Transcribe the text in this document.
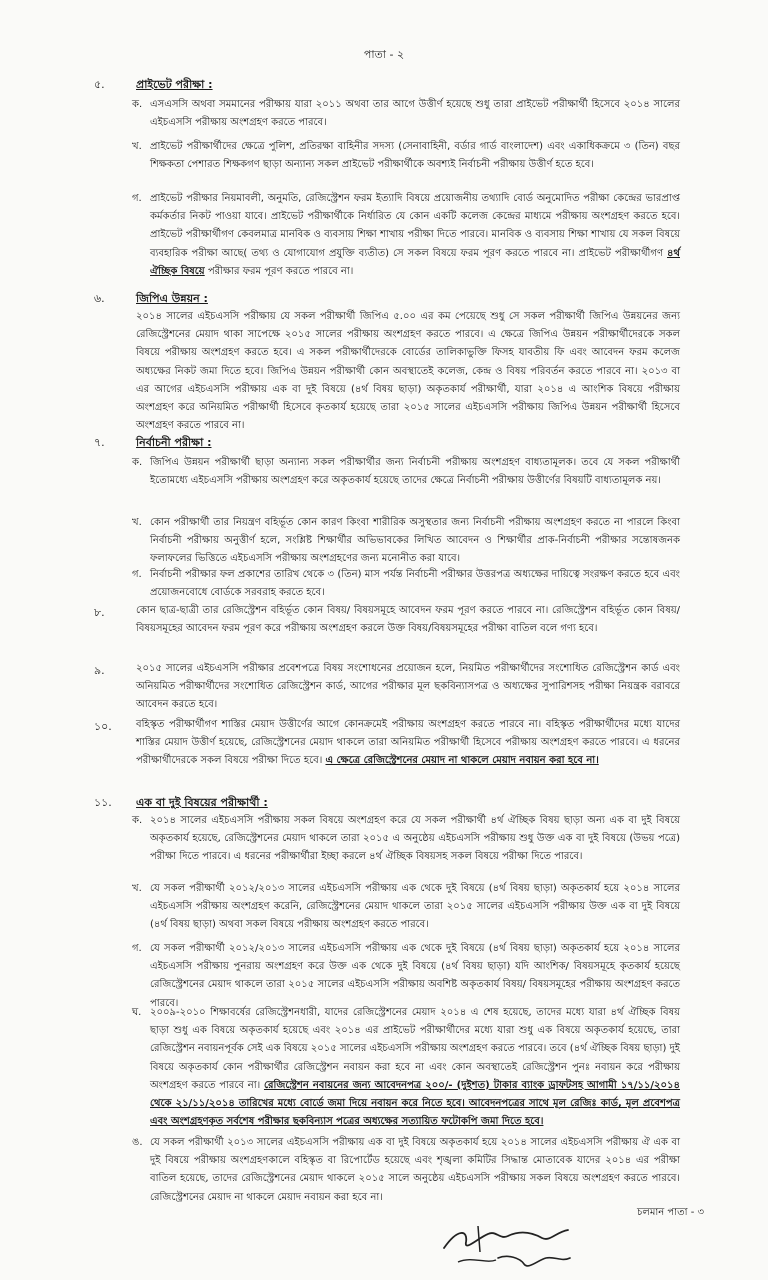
পাতা - ২
৫.	প্রাইভেট পরীক্ষা :
ক. এসএসসি অথবা সমমানের পরীক্ষায় যারা ২০১১ অথবা তার আগে উত্তীর্ণ হয়েছে শুধু তারা প্রাইভেট পরীক্ষার্থী হিসেবে ২০১৪ সালের এইচএসসি পরীক্ষায় অংশগ্রহণ করতে পারবে।
খ. প্রাইভেট পরীক্ষার্থীদের ক্ষেত্রে পুলিশ, প্রতিরক্ষা বাহিনীর সদস্য (সেনাবাহিনী, বর্ডার গার্ড বাংলাদেশ) এবং একাধিকক্রমে ৩ (তিন) বছর শিক্ষকতা পেশারত শিক্ষকগণ ছাড়া অন্যান্য সকল প্রাইভেট পরীক্ষার্থীকে অবশ্যই নির্বাচনী পরীক্ষায় উত্তীর্ণ হতে হবে।
গ. প্রাইভেট পরীক্ষার নিয়মাবলী, অনুমতি, রেজিস্ট্রেশন ফরম ইত্যাদি বিষয়ে প্রয়োজনীয় তথ্যাদি বোর্ড অনুমোদিত পরীক্ষা কেন্দ্রের ভারপ্রাপ্ত কর্মকর্তার নিকট পাওয়া যাবে। প্রাইভেট পরীক্ষার্থীকে নির্ধারিত যে কোন একটি কলেজ কেন্দ্রের মাধ্যমে পরীক্ষায় অংশগ্রহণ করতে হবে। প্রাইভেট পরীক্ষার্থীগণ কেবলমাত্র মানবিক ও ব্যবসায় শিক্ষা শাখায় পরীক্ষা দিতে পারবে। মানবিক ও ব্যবসায় শিক্ষা শাখায় যে সকল বিষয়ে ব্যবহারিক পরীক্ষা আছে( তথ্য ও যোগাযোগ প্রযুক্তি ব্যতীত) সে সকল বিষয়ে ফরম পূরণ করতে পারবে না। প্রাইভেট পরীক্ষার্থীগণ ৪র্থ ঐচ্ছিক বিষয়ে পরীক্ষার ফরম পূরণ করতে পারবে না।
৬.	জিপিএ উন্নয়ন :
২০১৪ সালের এইচএসসি পরীক্ষায় যে সকল পরীক্ষার্থী জিপিএ ৫.০০ এর কম পেয়েছে শুধু সে সকল পরীক্ষার্থী জিপিএ উন্নয়নের জন্য রেজিস্ট্রেশনের মেয়াদ থাকা সাপেক্ষে ২০১৫ সালের পরীক্ষায় অংশগ্রহণ করতে পারবে। এ ক্ষেত্রে জিপিএ উন্নয়ন পরীক্ষার্থীদেরকে সকল বিষয়ে পরীক্ষায় অংশগ্রহণ করতে হবে। এ সকল পরীক্ষার্থীদেরকে বোর্ডের তালিকাভুক্তি ফিসহ যাবতীয় ফি এবং আবেদন ফরম কলেজ অধ্যক্ষের নিকট জমা দিতে হবে। জিপিএ উন্নয়ন পরীক্ষার্থী কোন অবস্থাতেই কলেজ, কেন্দ্র ও বিষয় পরিবর্তন করতে পারবে না। ২০১৩ বা এর আগের এইচএসসি পরীক্ষায় এক বা দুই বিষয়ে (৪র্থ বিষয় ছাড়া) অকৃতকার্য পরীক্ষার্থী, যারা ২০১৪ এ আংশিক বিষয়ে পরীক্ষায় অংশগ্রহণ করে অনিয়মিত পরীক্ষার্থী হিসেবে কৃতকার্য হয়েছে তারা ২০১৫ সালের এইচএসসি পরীক্ষায় জিপিএ উন্নয়ন পরীক্ষার্থী হিসেবে অংশগ্রহণ করতে পারবে না।
৭.	নির্বাচনী পরীক্ষা :
ক. জিপিএ উন্নয়ন পরীক্ষার্থী ছাড়া অন্যান্য সকল পরীক্ষার্থীর জন্য নির্বাচনী পরীক্ষায় অংশগ্রহণ বাধ্যতামূলক। তবে যে সকল পরীক্ষার্থী ইতোমধ্যে এইচএসসি পরীক্ষায় অংশগ্রহণ করে অকৃতকার্য হয়েছে তাদের ক্ষেত্রে নির্বাচনী পরীক্ষায় উত্তীর্ণের বিষয়টি বাধ্যতামূলক নয়।
খ. কোন পরীক্ষার্থী তার নিয়ন্ত্রণ বহির্ভূত কোন কারণ কিংবা শারীরিক অসুস্থতার জন্য নির্বাচনী পরীক্ষায় অংশগ্রহণ করতে না পারলে কিংবা নির্বাচনী পরীক্ষায় অনুত্তীর্ণ হলে, সংশ্লিষ্ট শিক্ষার্থীর অভিভাবকের লিখিত আবেদন ও শিক্ষার্থীর প্রাক-নির্বাচনী পরীক্ষার সন্তোষজনক ফলাফলের ভিত্তিতে এইচএসসি পরীক্ষায় অংশগ্রহণের জন্য মনোনীত করা যাবে।
গ. নির্বাচনী পরীক্ষার ফল প্রকাশের তারিখ থেকে ৩ (তিন) মাস পর্যন্ত নির্বাচনী পরীক্ষার উত্তরপত্র অধ্যক্ষের দায়িত্বে সংরক্ষণ করতে হবে এবং প্রয়োজনবোধে বোর্ডকে সরবরাহ করতে হবে।
৮.	কোন ছাত্র-ছাত্রী তার রেজিস্ট্রেশন বহির্ভূত কোন বিষয়/ বিষয়সমূহে আবেদন ফরম পূরণ করতে পারবে না। রেজিস্ট্রেশন বহির্ভূত কোন বিষয়/ বিষয়সমূহের আবেদন ফরম পূরণ করে পরীক্ষায় অংশগ্রহণ করলে উক্ত বিষয়/বিষয়সমূহের পরীক্ষা বাতিল বলে গণ্য হবে।
৯.	২০১৫ সালের এইচএসসি পরীক্ষার প্রবেশপত্রে বিষয় সংশোধনের প্রয়োজন হলে, নিয়মিত পরীক্ষার্থীদের সংশোধিত রেজিস্ট্রেশন কার্ড এবং অনিয়মিত পরীক্ষার্থীদের সংশোধিত রেজিস্ট্রেশন কার্ড, আগের পরীক্ষার মূল ছকবিন্যাসপত্র ও অধ্যক্ষের সুপারিশসহ পরীক্ষা নিয়ন্ত্রক বরাবরে আবেদন করতে হবে।
১০. বহিস্কৃত পরীক্ষার্থীগণ শাস্তির মেয়াদ উত্তীর্ণের আগে কোনক্রমেই পরীক্ষায় অংশগ্রহণ করতে পারবে না। বহিস্কৃত পরীক্ষার্থীদের মধ্যে যাদের শাস্তির মেয়াদ উত্তীর্ণ হয়েছে, রেজিস্ট্রেশনের মেয়াদ থাকলে তারা অনিয়মিত পরীক্ষার্থী হিসেবে পরীক্ষায় অংশগ্রহণ করতে পারবে। এ ধরনের পরীক্ষার্থীদেরকে সকল বিষয়ে পরীক্ষা দিতে হবে। এ ক্ষেত্রে রেজিস্ট্রেশনের মেয়াদ না থাকলে মেয়াদ নবায়ন করা হবে না।
১১. এক বা দুই বিষয়ের পরীক্ষার্থী :
ক. ২০১৪ সালের এইচএসসি পরীক্ষায় সকল বিষয়ে অংশগ্রহণ করে যে সকল পরীক্ষার্থী ৪র্থ ঐচ্ছিক বিষয় ছাড়া অন্য এক বা দুই বিষয়ে অকৃতকার্য হয়েছে, রেজিস্ট্রেশনের মেয়াদ থাকলে তারা ২০১৫ এ অনুষ্ঠেয় এইচএসসি পরীক্ষায় শুধু উক্ত এক বা দুই বিষয়ে (উভয় পত্রে) পরীক্ষা দিতে পারবে। এ ধরনের পরীক্ষার্থীরা ইচ্ছা করলে ৪র্থ ঐচ্ছিক বিষয়সহ সকল বিষয়ে পরীক্ষা দিতে পারবে।
খ. যে সকল পরীক্ষার্থী ২০১২/২০১৩ সালের এইচএসসি পরীক্ষায় এক থেকে দুই বিষয়ে (৪র্থ বিষয় ছাড়া) অকৃতকার্য হয়ে ২০১৪ সালের এইচএসসি পরীক্ষায় অংশগ্রহণ করেনি, রেজিস্ট্রেশনের মেয়াদ থাকলে তারা ২০১৫ সালের এইচএসসি পরীক্ষায় উক্ত এক বা দুই বিষয়ে (৪র্থ বিষয় ছাড়া) অথবা সকল বিষয়ে পরীক্ষায় অংশগ্রহণ করতে পারবে।
গ. যে সকল পরীক্ষার্থী ২০১২/২০১৩ সালের এইচএসসি পরীক্ষায় এক থেকে দুই বিষয়ে (৪র্থ বিষয় ছাড়া) অকৃতকার্য হয়ে ২০১৪ সালের এইচএসসি পরীক্ষায় পুনরায় অংশগ্রহণ করে উক্ত এক থেকে দুই বিষয়ে (৪র্থ বিষয় ছাড়া) যদি আংশিক/ বিষয়সমূহে কৃতকার্য হয়েছে রেজিস্ট্রেশনের মেয়াদ থাকলে তারা ২০১৫ সালের এইচএসসি পরীক্ষায় অবশিষ্ট অকৃতকার্য বিষয়/ বিষয়সমূহের পরীক্ষায় অংশগ্রহণ করতে পারবে।
ঘ. ২০০৯-২০১০ শিক্ষাবর্ষের রেজিস্ট্রেশনধারী, যাদের রেজিস্ট্রেশনের মেয়াদ ২০১৪ এ শেষ হয়েছে, তাদের মধ্যে যারা ৪র্থ ঐচ্ছিক বিষয় ছাড়া শুধু এক বিষয়ে অকৃতকার্য হয়েছে এবং ২০১৪ এর প্রাইভেট পরীক্ষার্থীদের মধ্যে যারা শুধু এক বিষয়ে অকৃতকার্য হয়েছে, তারা রেজিস্ট্রেশন নবায়নপূর্বক সেই এক বিষয়ে ২০১৫ সালের এইচএসসি পরীক্ষায় অংশগ্রহণ করতে পারবে। তবে (৪র্থ ঐচ্ছিক বিষয় ছাড়া) দুই বিষয়ে অকৃতকার্য কোন পরীক্ষার্থীর রেজিস্ট্রেশন নবায়ন করা হবে না এবং কোন অবস্থাতেই রেজিস্ট্রেশন পুনঃ নবায়ন করে পরীক্ষায় অংশগ্রহণ করতে পারবে না। রেজিস্ট্রেশন নবায়নের জন্য আবেদনপত্র ২০০/- (দুইশত) টাকার ব্যাংক ড্রাফটসহ আগামী ১৭/১১/২০১৪ থেকে ২১/১১/২০১৪ তারিখের মধ্যে বোর্ডে জমা দিয়ে নবায়ন করে নিতে হবে। আবেদনপত্রের সাথে মূল রেজিঃ কার্ড, মূল প্রবেশপত্র এবং অংশগ্রহণকৃত সর্বশেষ পরীক্ষার ছকবিন্যাস পত্রের অধ্যক্ষের সত্যায়িত ফটোকপি জমা দিতে হবে।
ঙ. যে সকল পরীক্ষার্থী ২০১৩ সালের এইচএসসি পরীক্ষায় এক বা দুই বিষয়ে অকৃতকার্য হয়ে ২০১৪ সালের এইচএসসি পরীক্ষায় ঐ এক বা দুই বিষয়ে পরীক্ষায় অংশগ্রহণকালে বহিস্কৃত বা রিপোর্টেড হয়েছে এবং শৃঙ্খলা কমিটির সিদ্ধান্ত মোতাবেক যাদের ২০১৪ এর পরীক্ষা বাতিল হয়েছে, তাদের রেজিস্ট্রেশনের মেয়াদ থাকলে ২০১৫ সালে অনুষ্ঠেয় এইচএসসি পরীক্ষায় সকল বিষয়ে অংশগ্রহণ করতে পারবে। রেজিস্ট্রেশনের মেয়াদ না থাকলে মেয়াদ নবায়ন করা হবে না।
চলমান পাতা - ৩
